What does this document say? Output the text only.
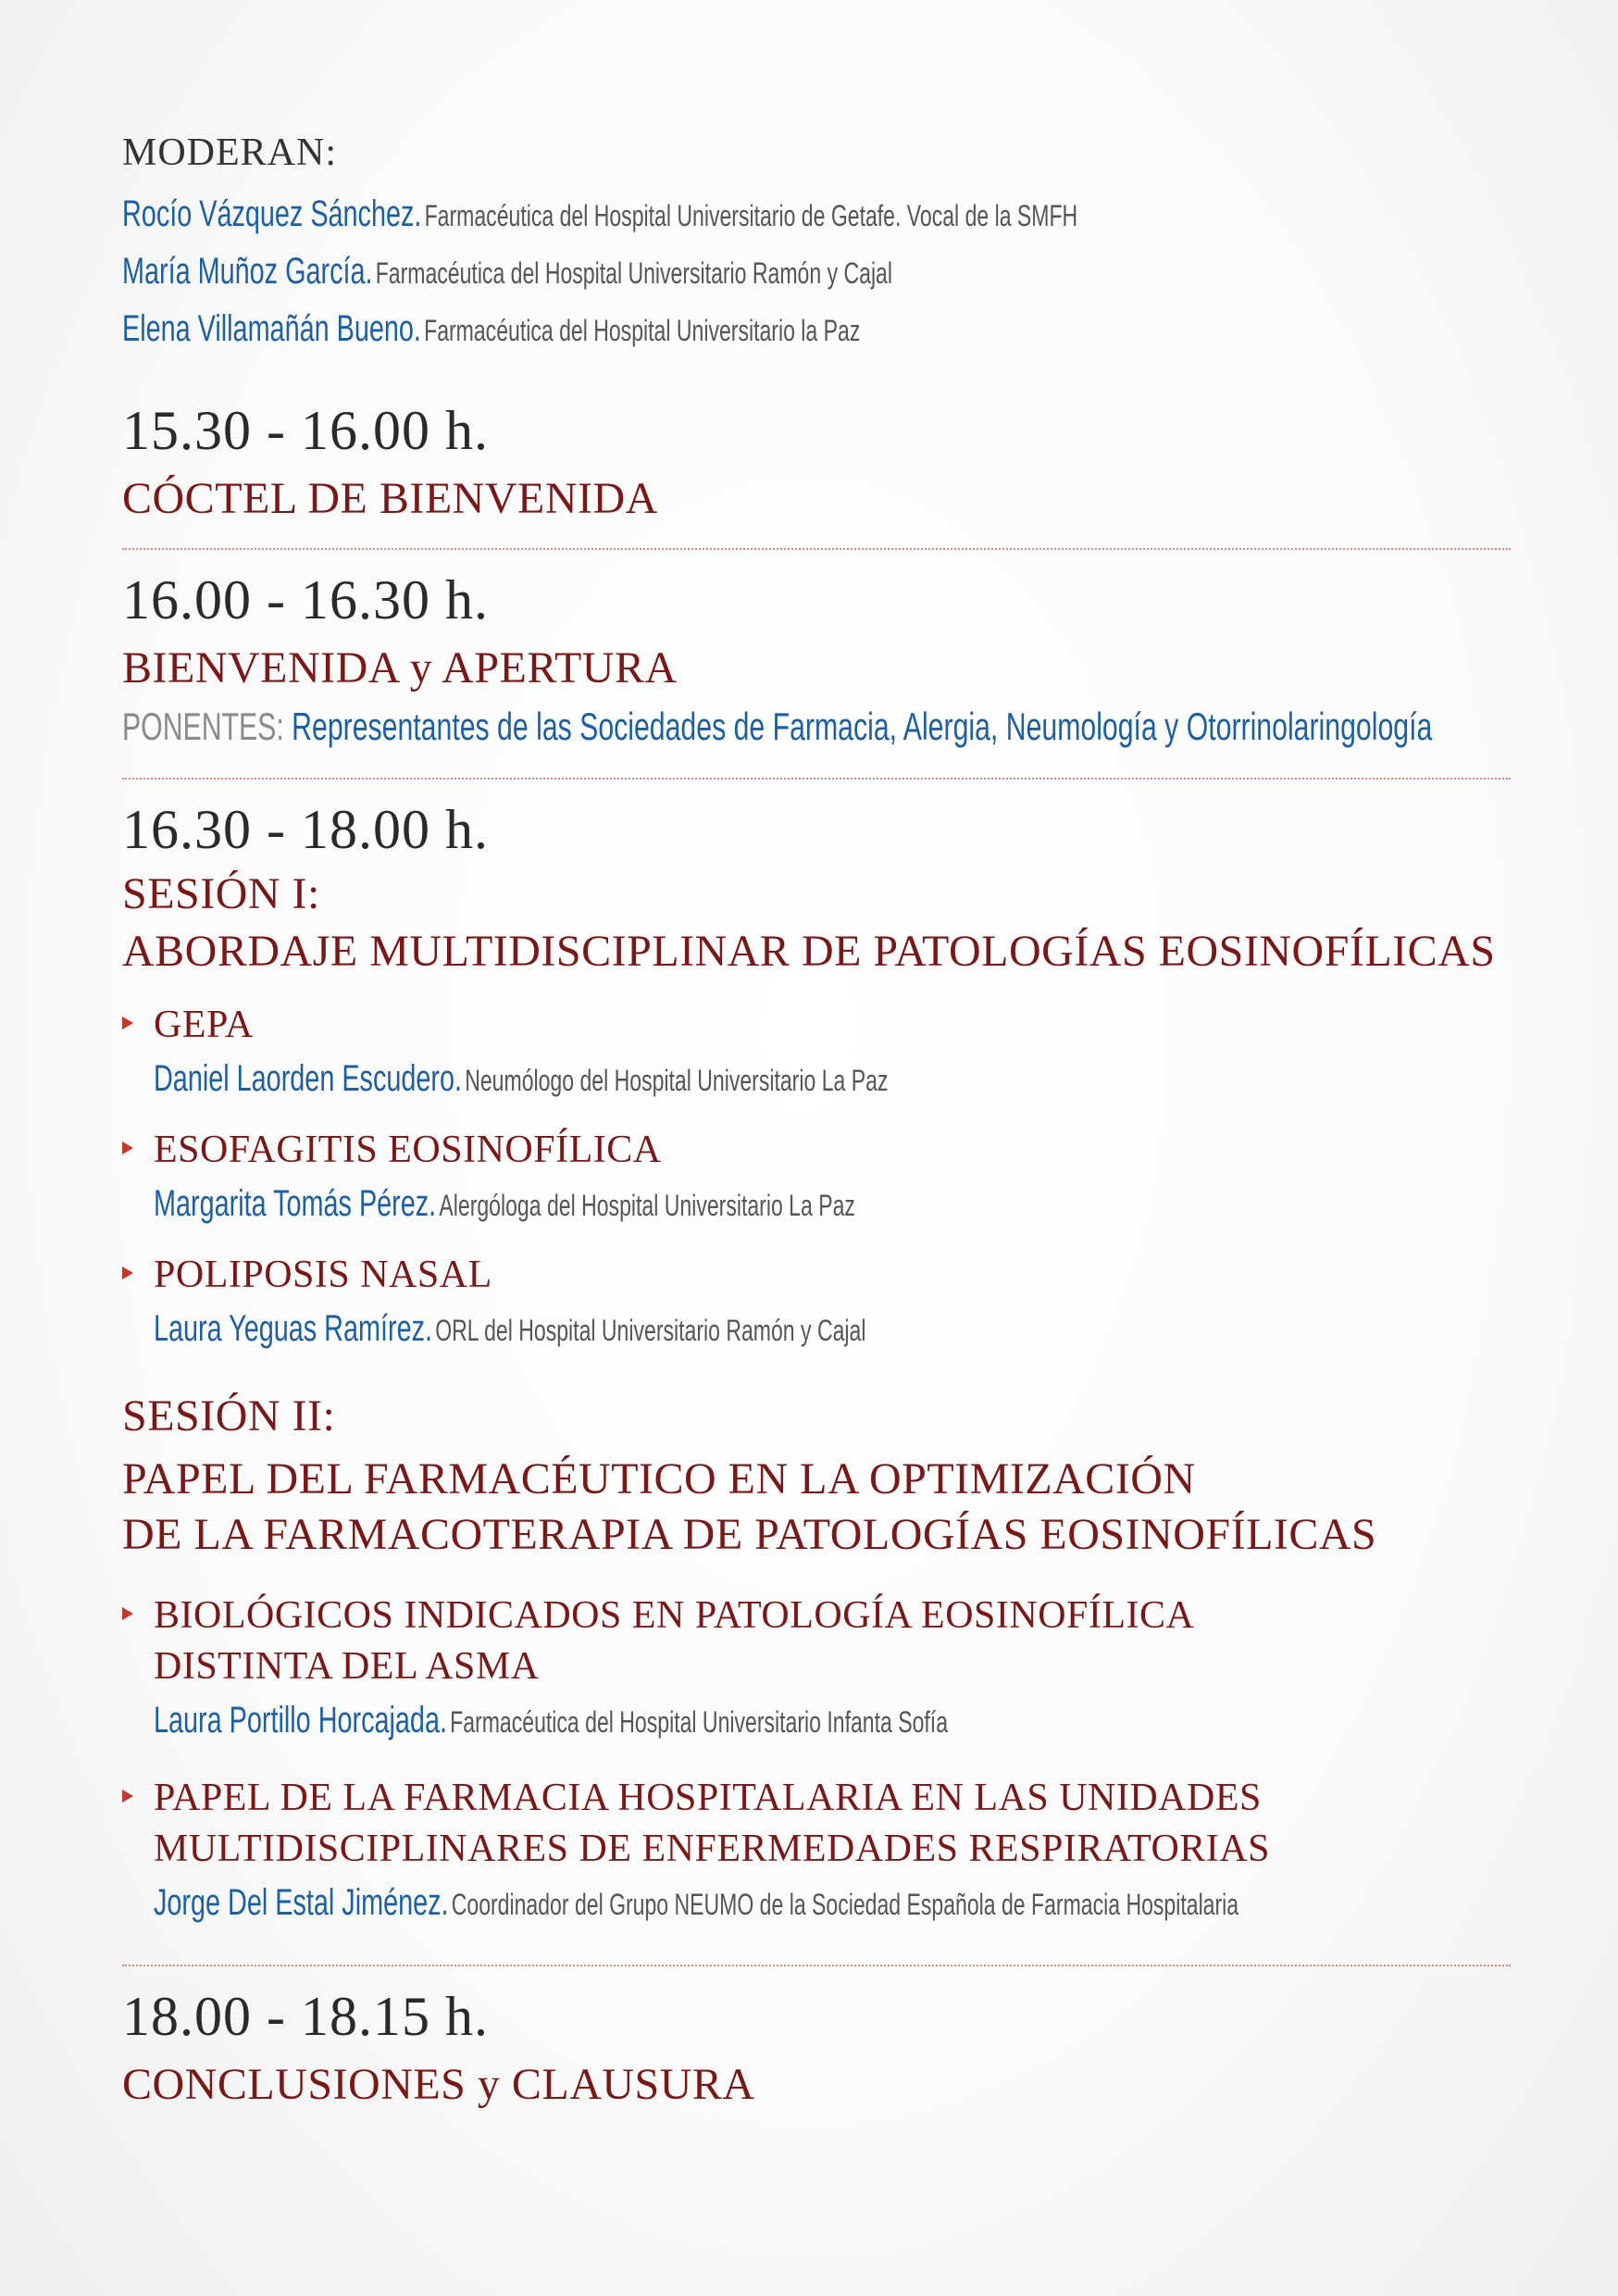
MODERAN:
Rocío Vázquez Sánchez. Farmacéutica del Hospital Universitario de Getafe. Vocal de la SMFH
María Muñoz García. Farmacéutica del Hospital Universitario Ramón y Cajal
Elena Villamañán Bueno. Farmacéutica del Hospital Universitario la Paz
15.30 - 16.00 h.
CÓCTEL DE BIENVENIDA
16.00 - 16.30 h.
BIENVENIDA y APERTURA
PONENTES: Representantes de las Sociedades de Farmacia, Alergia, Neumología y Otorrinolaringología
16.30 - 18.00 h.
SESIÓN I:
ABORDAJE MULTIDISCIPLINAR DE PATOLOGÍAS EOSINOFÍLICAS
GEPA
Daniel Laorden Escudero. Neumólogo del Hospital Universitario La Paz
ESOFAGITIS EOSINOFÍLICA
Margarita Tomás Pérez. Alergóloga del Hospital Universitario La Paz
POLIPOSIS NASAL
Laura Yeguas Ramírez. ORL del Hospital Universitario Ramón y Cajal
SESIÓN II:
PAPEL DEL FARMACÉUTICO EN LA OPTIMIZACIÓN
DE LA FARMACOTERAPIA DE PATOLOGÍAS EOSINOFÍLICAS
BIOLÓGICOS INDICADOS EN PATOLOGÍA EOSINOFÍLICA
DISTINTA DEL ASMA
Laura Portillo Horcajada. Farmacéutica del Hospital Universitario Infanta Sofía
PAPEL DE LA FARMACIA HOSPITALARIA EN LAS UNIDADES
MULTIDISCIPLINARES DE ENFERMEDADES RESPIRATORIAS
Jorge Del Estal Jiménez. Coordinador del Grupo NEUMO de la Sociedad Española de Farmacia Hospitalaria
18.00 - 18.15 h.
CONCLUSIONES y CLAUSURA
